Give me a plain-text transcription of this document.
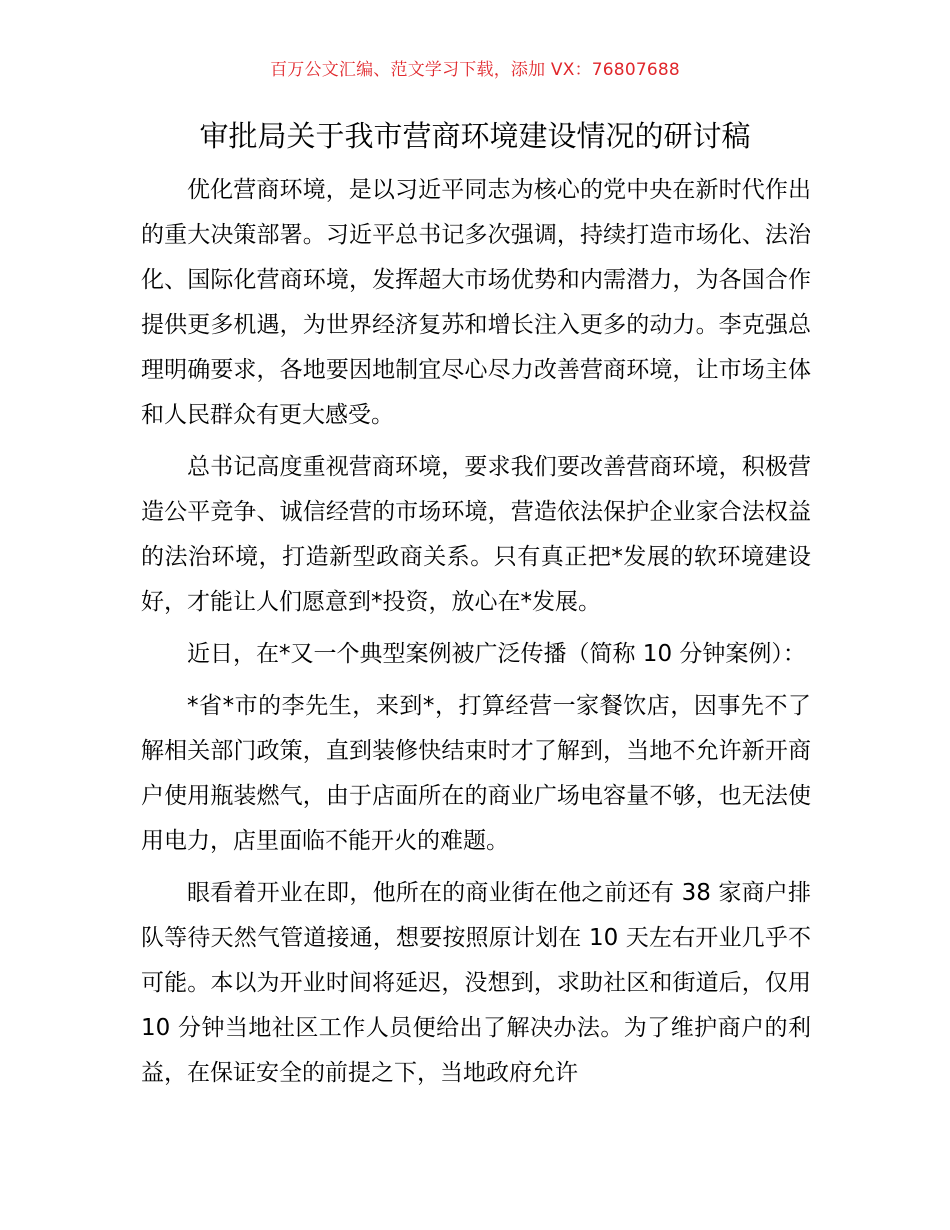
百万公文汇编、范文学习下载，添加 VX：76807688
审批局关于我市营商环境建设情况的研讨稿

优化营商环境，是以习近平同志为核心的党中央在新时代作出的重大决策部署。习近平总书记多次强调，持续打造市场化、法治化、国际化营商环境，发挥超大市场优势和内需潜力，为各国合作提供更多机遇，为世界经济复苏和增长注入更多的动力。李克强总理明确要求，各地要因地制宜尽心尽力改善营商环境，让市场主体和人民群众有更大感受。

总书记高度重视营商环境，要求我们要改善营商环境，积极营造公平竞争、诚信经营的市场环境，营造依法保护企业家合法权益的法治环境，打造新型政商关系。只有真正把*发展的软环境建设好，才能让人们愿意到*投资，放心在*发展。

近日，在*又一个典型案例被广泛传播（简称 10 分钟案例）：

*省*市的李先生，来到*，打算经营一家餐饮店，因事先不了解相关部门政策，直到装修快结束时才了解到，当地不允许新开商户使用瓶装燃气，由于店面所在的商业广场电容量不够，也无法使用电力，店里面临不能开火的难题。

眼看着开业在即，他所在的商业街在他之前还有 38 家商户排队等待天然气管道接通，想要按照原计划在 10 天左右开业几乎不可能。本以为开业时间将延迟，没想到，求助社区和街道后，仅用 10 分钟当地社区工作人员便给出了解决办法。为了维护商户的利益，在保证安全的前提之下，当地政府允许
